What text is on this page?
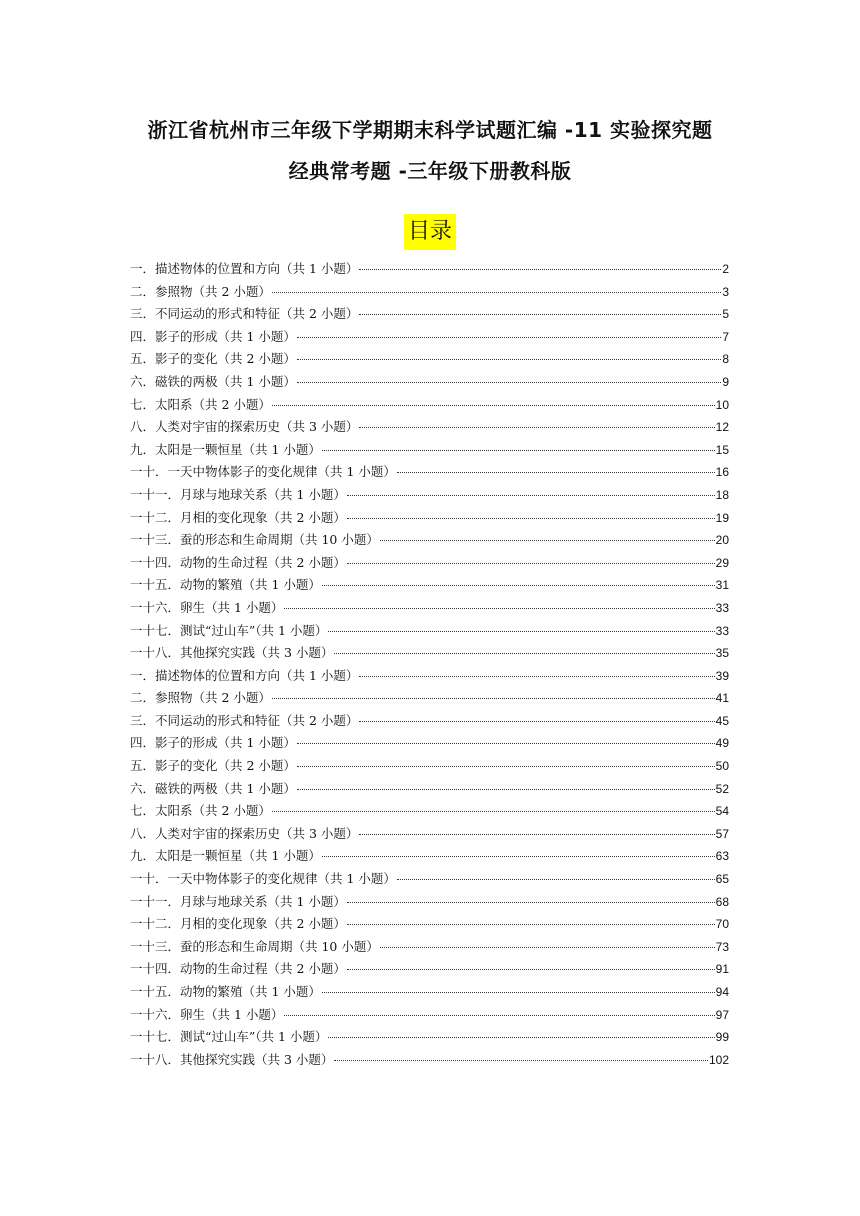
浙江省杭州市三年级下学期期末科学试题汇编 -11 实验探究题
经典常考题 -三年级下册教科版
目录
一．描述物体的位置和方向（共 1 小题）	2
二．参照物（共 2 小题）	3
三．不同运动的形式和特征（共 2 小题）	5
四．影子的形成（共 1 小题）	7
五．影子的变化（共 2 小题）	8
六．磁铁的两极（共 1 小题）	9
七．太阳系（共 2 小题）	10
八．人类对宇宙的探索历史（共 3 小题）	12
九．太阳是一颗恒星（共 1 小题）	15
一十．一天中物体影子的变化规律（共 1 小题）	16
一十一．月球与地球关系（共 1 小题）	18
一十二．月相的变化现象（共 2 小题）	19
一十三．蚕的形态和生命周期（共 10 小题）	20
一十四．动物的生命过程（共 2 小题）	29
一十五．动物的繁殖（共 1 小题）	31
一十六．卵生（共 1 小题）	33
一十七．测试“过山车”（共 1 小题）	33
一十八．其他探究实践（共 3 小题）	35
一．描述物体的位置和方向（共 1 小题）	39
二．参照物（共 2 小题）	41
三．不同运动的形式和特征（共 2 小题）	45
四．影子的形成（共 1 小题）	49
五．影子的变化（共 2 小题）	50
六．磁铁的两极（共 1 小题）	52
七．太阳系（共 2 小题）	54
八．人类对宇宙的探索历史（共 3 小题）	57
九．太阳是一颗恒星（共 1 小题）	63
一十．一天中物体影子的变化规律（共 1 小题）	65
一十一．月球与地球关系（共 1 小题）	68
一十二．月相的变化现象（共 2 小题）	70
一十三．蚕的形态和生命周期（共 10 小题）	73
一十四．动物的生命过程（共 2 小题）	91
一十五．动物的繁殖（共 1 小题）	94
一十六．卵生（共 1 小题）	97
一十七．测试“过山车”（共 1 小题）	99
一十八．其他探究实践（共 3 小题）	102
